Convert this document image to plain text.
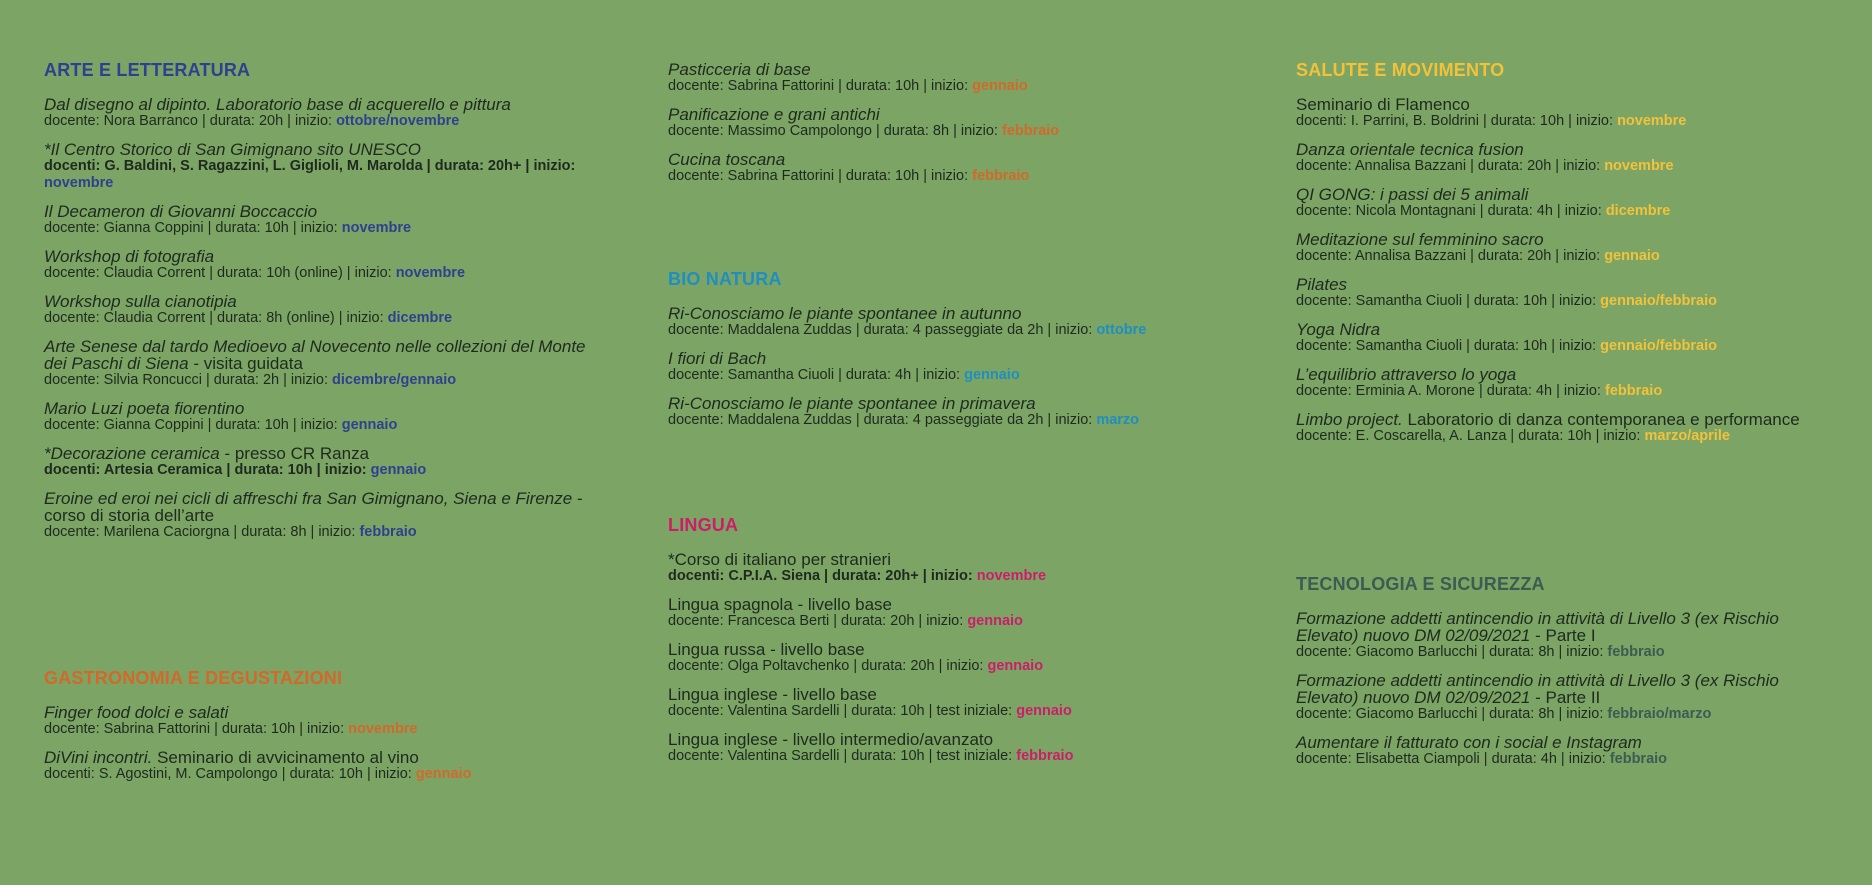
ARTE E LETTERATURA
Dal disegno al dipinto. Laboratorio base di acquerello e pittura
docente: Nora Barranco | durata: 20h | inizio: ottobre/novembre
*Il Centro Storico di San Gimignano sito UNESCO
docenti: G. Baldini, S. Ragazzini, L. Giglioli, M. Marolda | durata: 20h+ | inizio: novembre
Il Decameron di Giovanni Boccaccio
docente: Gianna Coppini | durata: 10h | inizio: novembre
Workshop di fotografia
docente: Claudia Corrent | durata: 10h (online) | inizio: novembre
Workshop sulla cianotipia
docente: Claudia Corrent | durata: 8h (online) | inizio: dicembre
Arte Senese dal tardo Medioevo al Novecento nelle collezioni del Monte dei Paschi di Siena - visita guidata
docente: Silvia Roncucci | durata: 2h | inizio: dicembre/gennaio
Mario Luzi poeta fiorentino
docente: Gianna Coppini | durata: 10h | inizio: gennaio
*Decorazione ceramica - presso CR Ranza
docenti: Artesia Ceramica | durata: 10h | inizio: gennaio
Eroine ed eroi nei cicli di affreschi fra San Gimignano, Siena e Firenze - corso di storia dell’arte
docente: Marilena Caciorgna | durata: 8h | inizio: febbraio
GASTRONOMIA E DEGUSTAZIONI
Finger food dolci e salati
docente: Sabrina Fattorini | durata: 10h | inizio: novembre
DiVini incontri. Seminario di avvicinamento al vino
docenti: S. Agostini, M. Campolongo | durata: 10h | inizio: gennaio
Pasticceria di base
docente: Sabrina Fattorini | durata: 10h | inizio: gennaio
Panificazione e grani antichi
docente: Massimo Campolongo | durata: 8h | inizio: febbraio
Cucina toscana
docente: Sabrina Fattorini | durata: 10h | inizio: febbraio
BIO NATURA
Ri-Conosciamo le piante spontanee in autunno
docente: Maddalena Zuddas | durata: 4 passeggiate da 2h | inizio: ottobre
I fiori di Bach
docente: Samantha Ciuoli | durata: 4h | inizio: gennaio
Ri-Conosciamo le piante spontanee in primavera
docente: Maddalena Zuddas | durata: 4 passeggiate da 2h | inizio: marzo
LINGUA
*Corso di italiano per stranieri
docenti: C.P.I.A. Siena | durata: 20h+ | inizio: novembre
Lingua spagnola - livello base
docente: Francesca Berti | durata: 20h | inizio: gennaio
Lingua russa - livello base
docente: Olga Poltavchenko | durata: 20h | inizio: gennaio
Lingua inglese - livello base
docente: Valentina Sardelli | durata: 10h | test iniziale: gennaio
Lingua inglese - livello intermedio/avanzato
docente: Valentina Sardelli | durata: 10h | test iniziale: febbraio
SALUTE E MOVIMENTO
Seminario di Flamenco
docenti: I. Parrini, B. Boldrini | durata: 10h | inizio: novembre
Danza orientale tecnica fusion
docente: Annalisa Bazzani | durata: 20h | inizio: novembre
QI GONG: i passi dei 5 animali
docente: Nicola Montagnani | durata: 4h | inizio: dicembre
Meditazione sul femminino sacro
docente: Annalisa Bazzani | durata: 20h | inizio: gennaio
Pilates
docente: Samantha Ciuoli | durata: 10h | inizio: gennaio/febbraio
Yoga Nidra
docente: Samantha Ciuoli | durata: 10h | inizio: gennaio/febbraio
L’equilibrio attraverso lo yoga
docente: Erminia A. Morone | durata: 4h | inizio: febbraio
Limbo project. Laboratorio di danza contemporanea e performance
docente: E. Coscarella, A. Lanza | durata: 10h | inizio: marzo/aprile
TECNOLOGIA E SICUREZZA
Formazione addetti antincendio in attività di Livello 3 (ex Rischio Elevato) nuovo DM 02/09/2021 - Parte I
docente: Giacomo Barlucchi | durata: 8h | inizio: febbraio
Formazione addetti antincendio in attività di Livello 3 (ex Rischio Elevato) nuovo DM 02/09/2021 - Parte II
docente: Giacomo Barlucchi | durata: 8h | inizio: febbraio/marzo
Aumentare il fatturato con i social e Instagram
docente: Elisabetta Ciampoli | durata: 4h | inizio: febbraio
